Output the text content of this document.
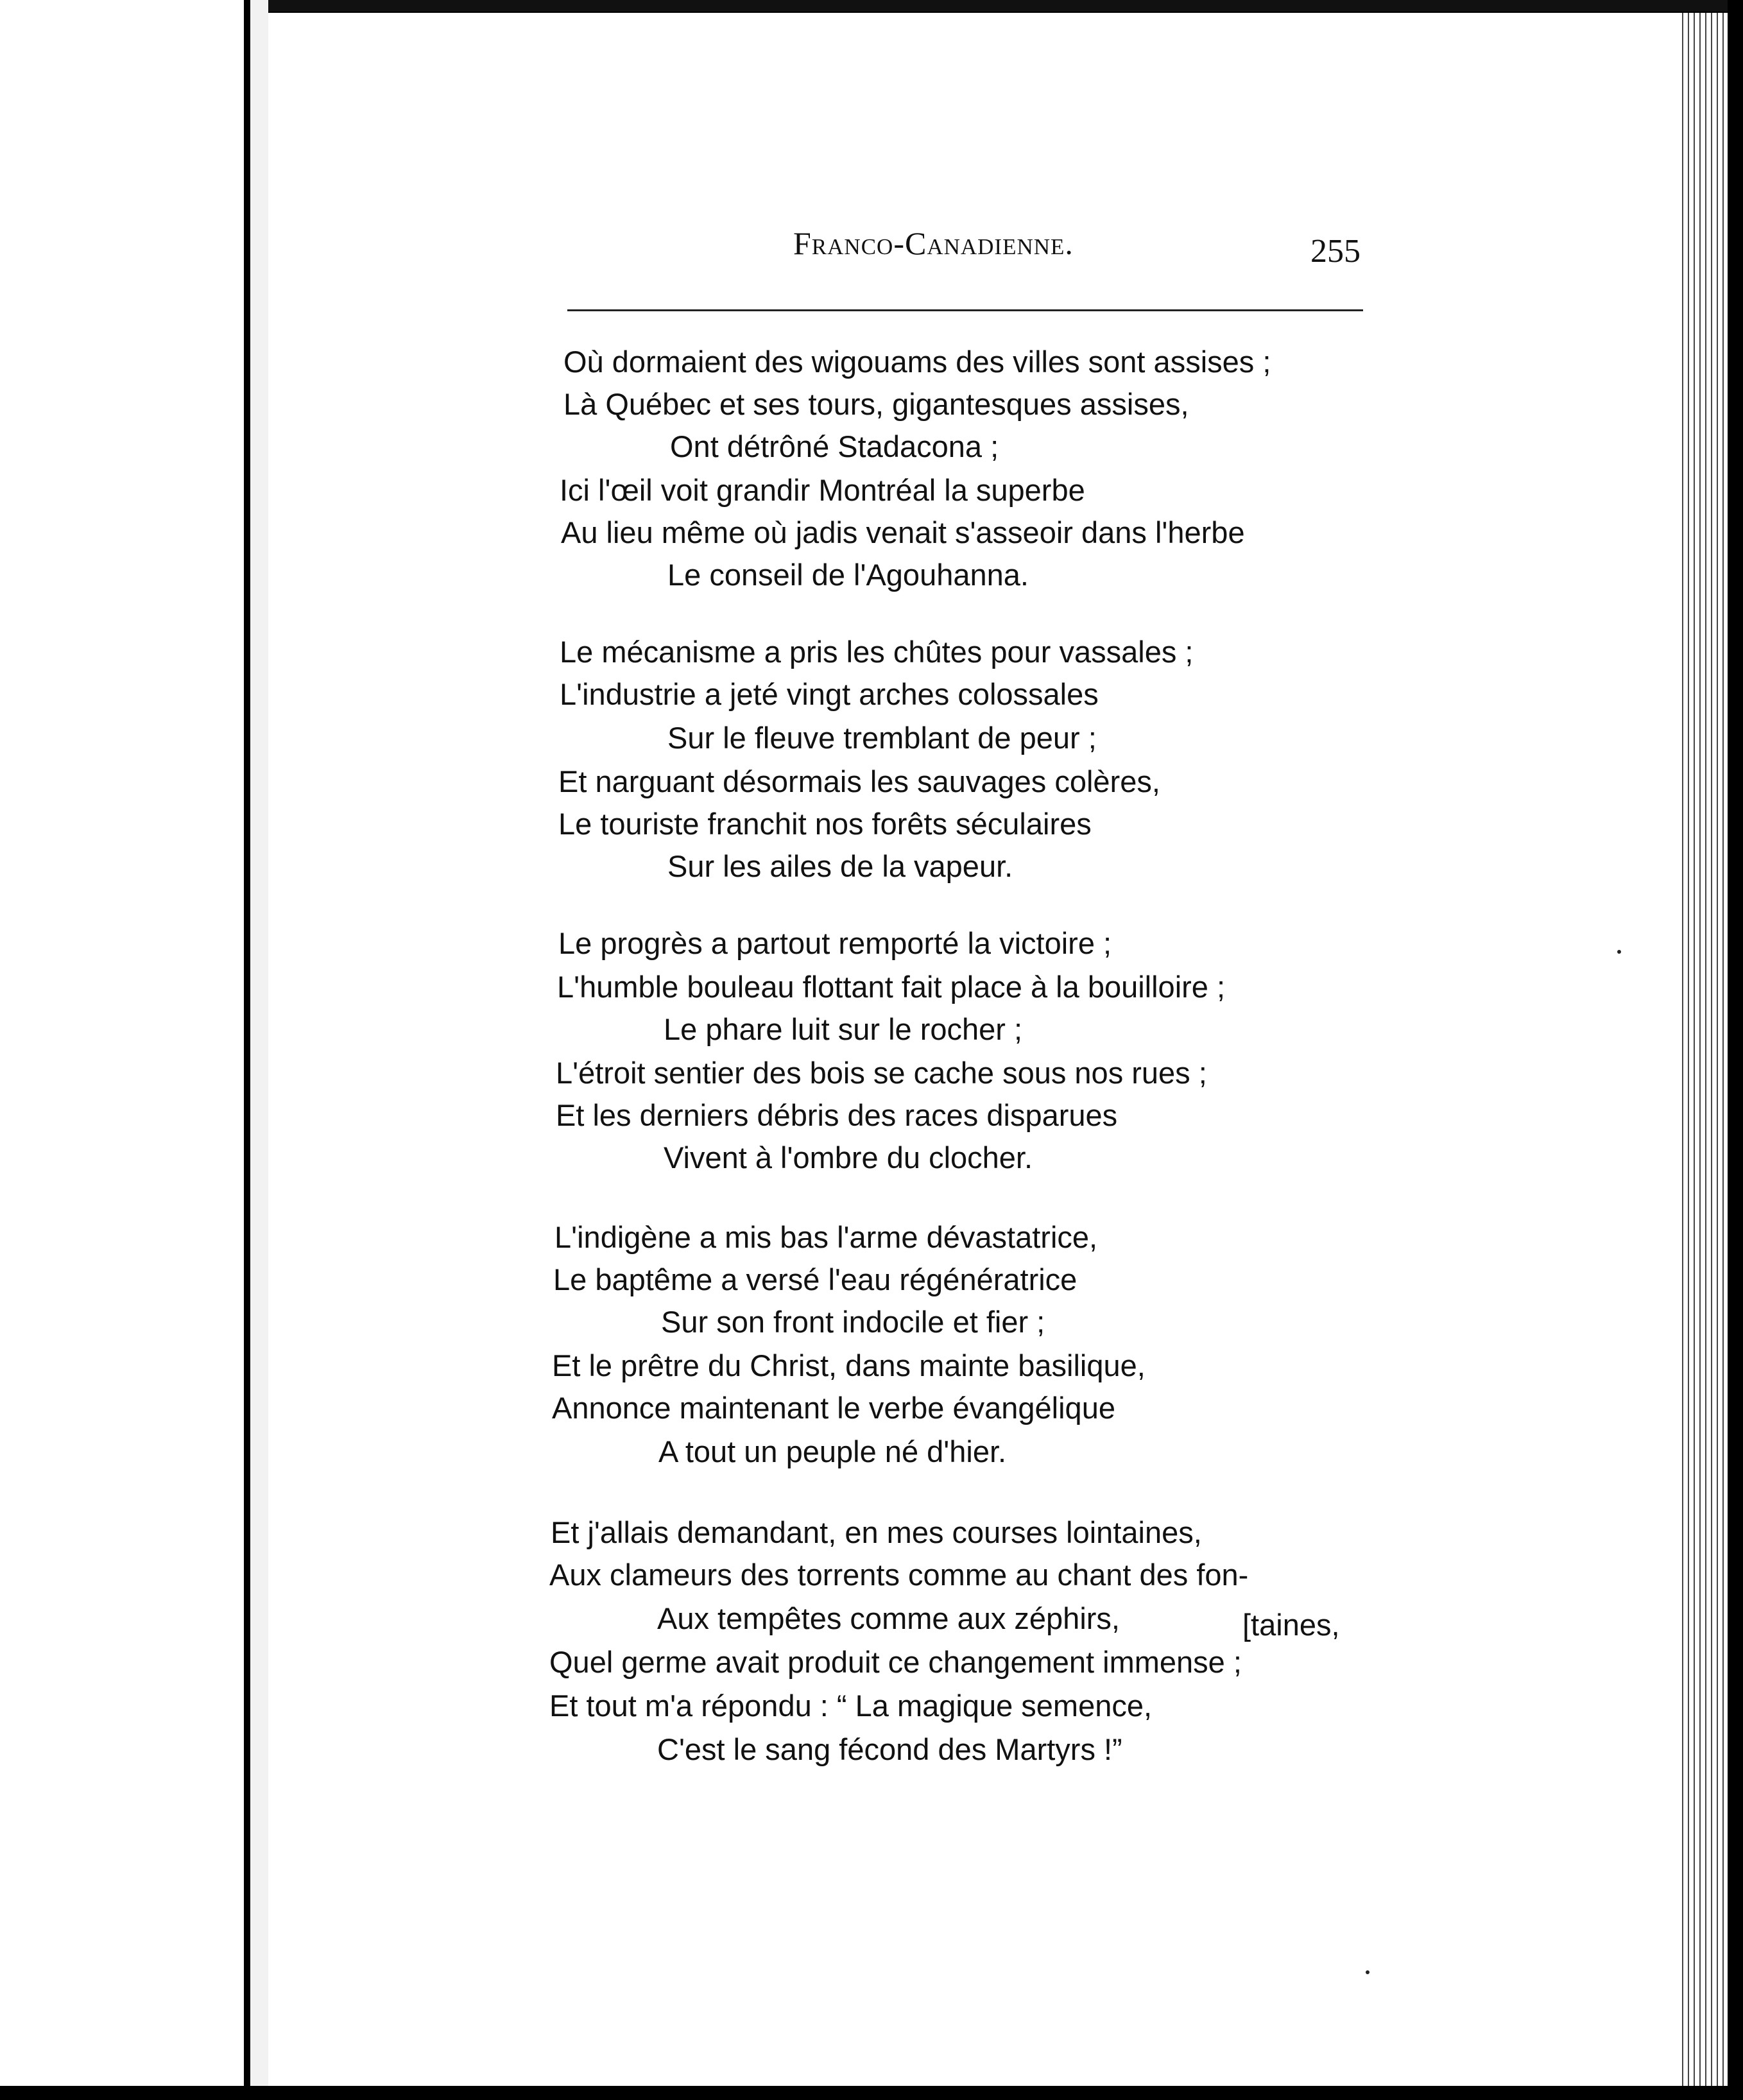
Franco-Canadienne.	255
Où dormaient des wigouams des villes sont assises ;
Là Québec et ses tours, gigantesques assises,
Ont détrôné Stadacona ;
Ici l'œil voit grandir Montréal la superbe
Au lieu même où jadis venait s'asseoir dans l'herbe
Le conseil de l'Agouhanna.
Le mécanisme a pris les chûtes pour vassales ;
L'industrie a jeté vingt arches colossales
Sur le fleuve tremblant de peur ;
Et narguant désormais les sauvages colères,
Le touriste franchit nos forêts séculaires
Sur les ailes de la vapeur.
Le progrès a partout remporté la victoire ;
L'humble bouleau flottant fait place à la bouilloire ;
Le phare luit sur le rocher ;
L'étroit sentier des bois se cache sous nos rues ;
Et les derniers débris des races disparues
Vivent à l'ombre du clocher.
L'indigène a mis bas l'arme dévastatrice,
Le baptême a versé l'eau régénératrice
Sur son front indocile et fier ;
Et le prêtre du Christ, dans mainte basilique,
Annonce maintenant le verbe évangélique
A tout un peuple né d'hier.
Et j'allais demandant, en mes courses lointaines,
Aux clameurs des torrents comme au chant des fon-
Aux tempêtes comme aux zéphirs,	[taines,
Quel germe avait produit ce changement immense ;
Et tout m'a répondu : “ La magique semence,
C'est le sang fécond des Martyrs !”
